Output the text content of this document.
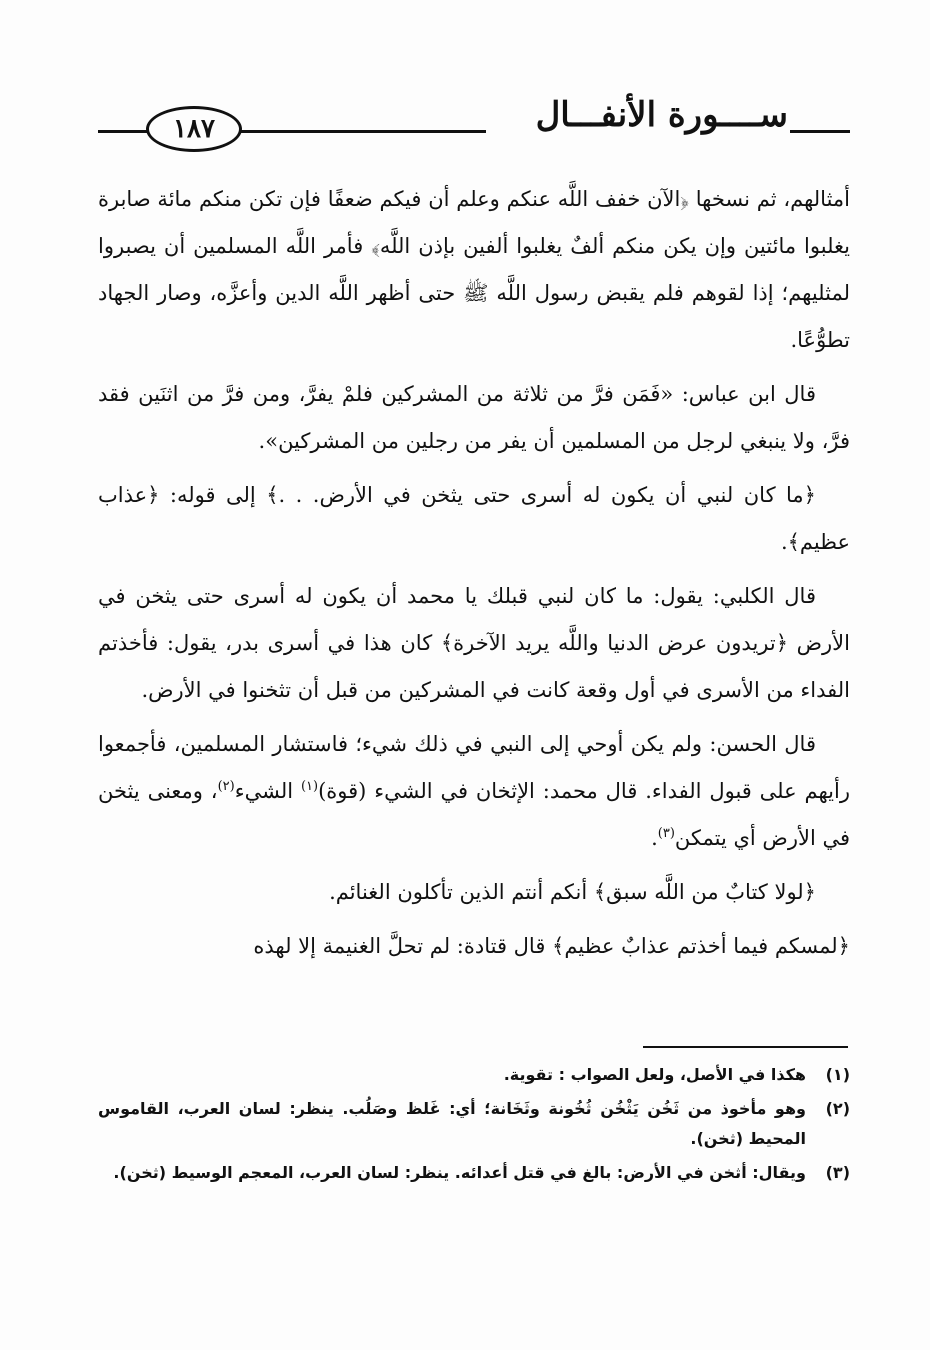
ســــورة الأنفـــال
١٨٧

أمثالهم، ثم نسخها ﴿الآن خفف اللَّه عنكم وعلم أن فيكم ضعفًا فإن تكن منكم مائة صابرة يغلبوا مائتين وإن يكن منكم ألفٌ يغلبوا ألفين بإذن اللَّه﴾ فأمر اللَّه المسلمين أن يصبروا لمثليهم؛ إذا لقوهم فلم يقبض رسول اللَّه ﷺ حتى أظهر اللَّه الدين وأعزَّه، وصار الجهاد تطوُّعًا.

قال ابن عباس: «فَمَن فرَّ من ثلاثة من المشركين فلمْ يفرَّ، ومن فرَّ من اثنَين فقد فرَّ، ولا ينبغي لرجل من المسلمين أن يفر من رجلين من المشركين».

﴿ما كان لنبي أن يكون له أسرى حتى يثخن في الأرض. . .﴾ إلى قوله: ﴿عذاب عظيم﴾.

قال الكلبي: يقول: ما كان لنبي قبلك يا محمد أن يكون له أسرى حتى يثخن في الأرض ﴿تريدون عرض الدنيا واللَّه يريد الآخرة﴾ كان هذا في أسرى بدر، يقول: فأخذتم الفداء من الأسرى في أول وقعة كانت في المشركين من قبل أن تثخنوا في الأرض.

قال الحسن: ولم يكن أوحي إلى النبي في ذلك شيء؛ فاستشار المسلمين، فأجمعوا رأيهم على قبول الفداء. قال محمد: الإثخان في الشيء (قوة)$^{(١)}$ الشيء$^{(٢)}$، ومعنى يثخن في الأرض أي يتمكن$^{(٣)}$.

﴿لولا كتابٌ من اللَّه سبق﴾ أنكم أنتم الذين تأكلون الغنائم.

﴿لمسكم فيما أخذتم عذابٌ عظيم﴾ قال قتادة: لم تحلَّ الغنيمة إلا لهذه

(١)
هكذا في الأصل، ولعل الصواب : تقوية.
(٢)
وهو مأخوذ من ثَخُن يَثْخُن ثُخُونة وثَخَانة؛ أي: غَلظ وصَلُب. ينظر: لسان العرب، القاموس المحيط (ثخن).
(٣)
ويقال: أثخن في الأرض: بالغ في قتل أعدائه. ينظر: لسان العرب، المعجم الوسيط (ثخن).
